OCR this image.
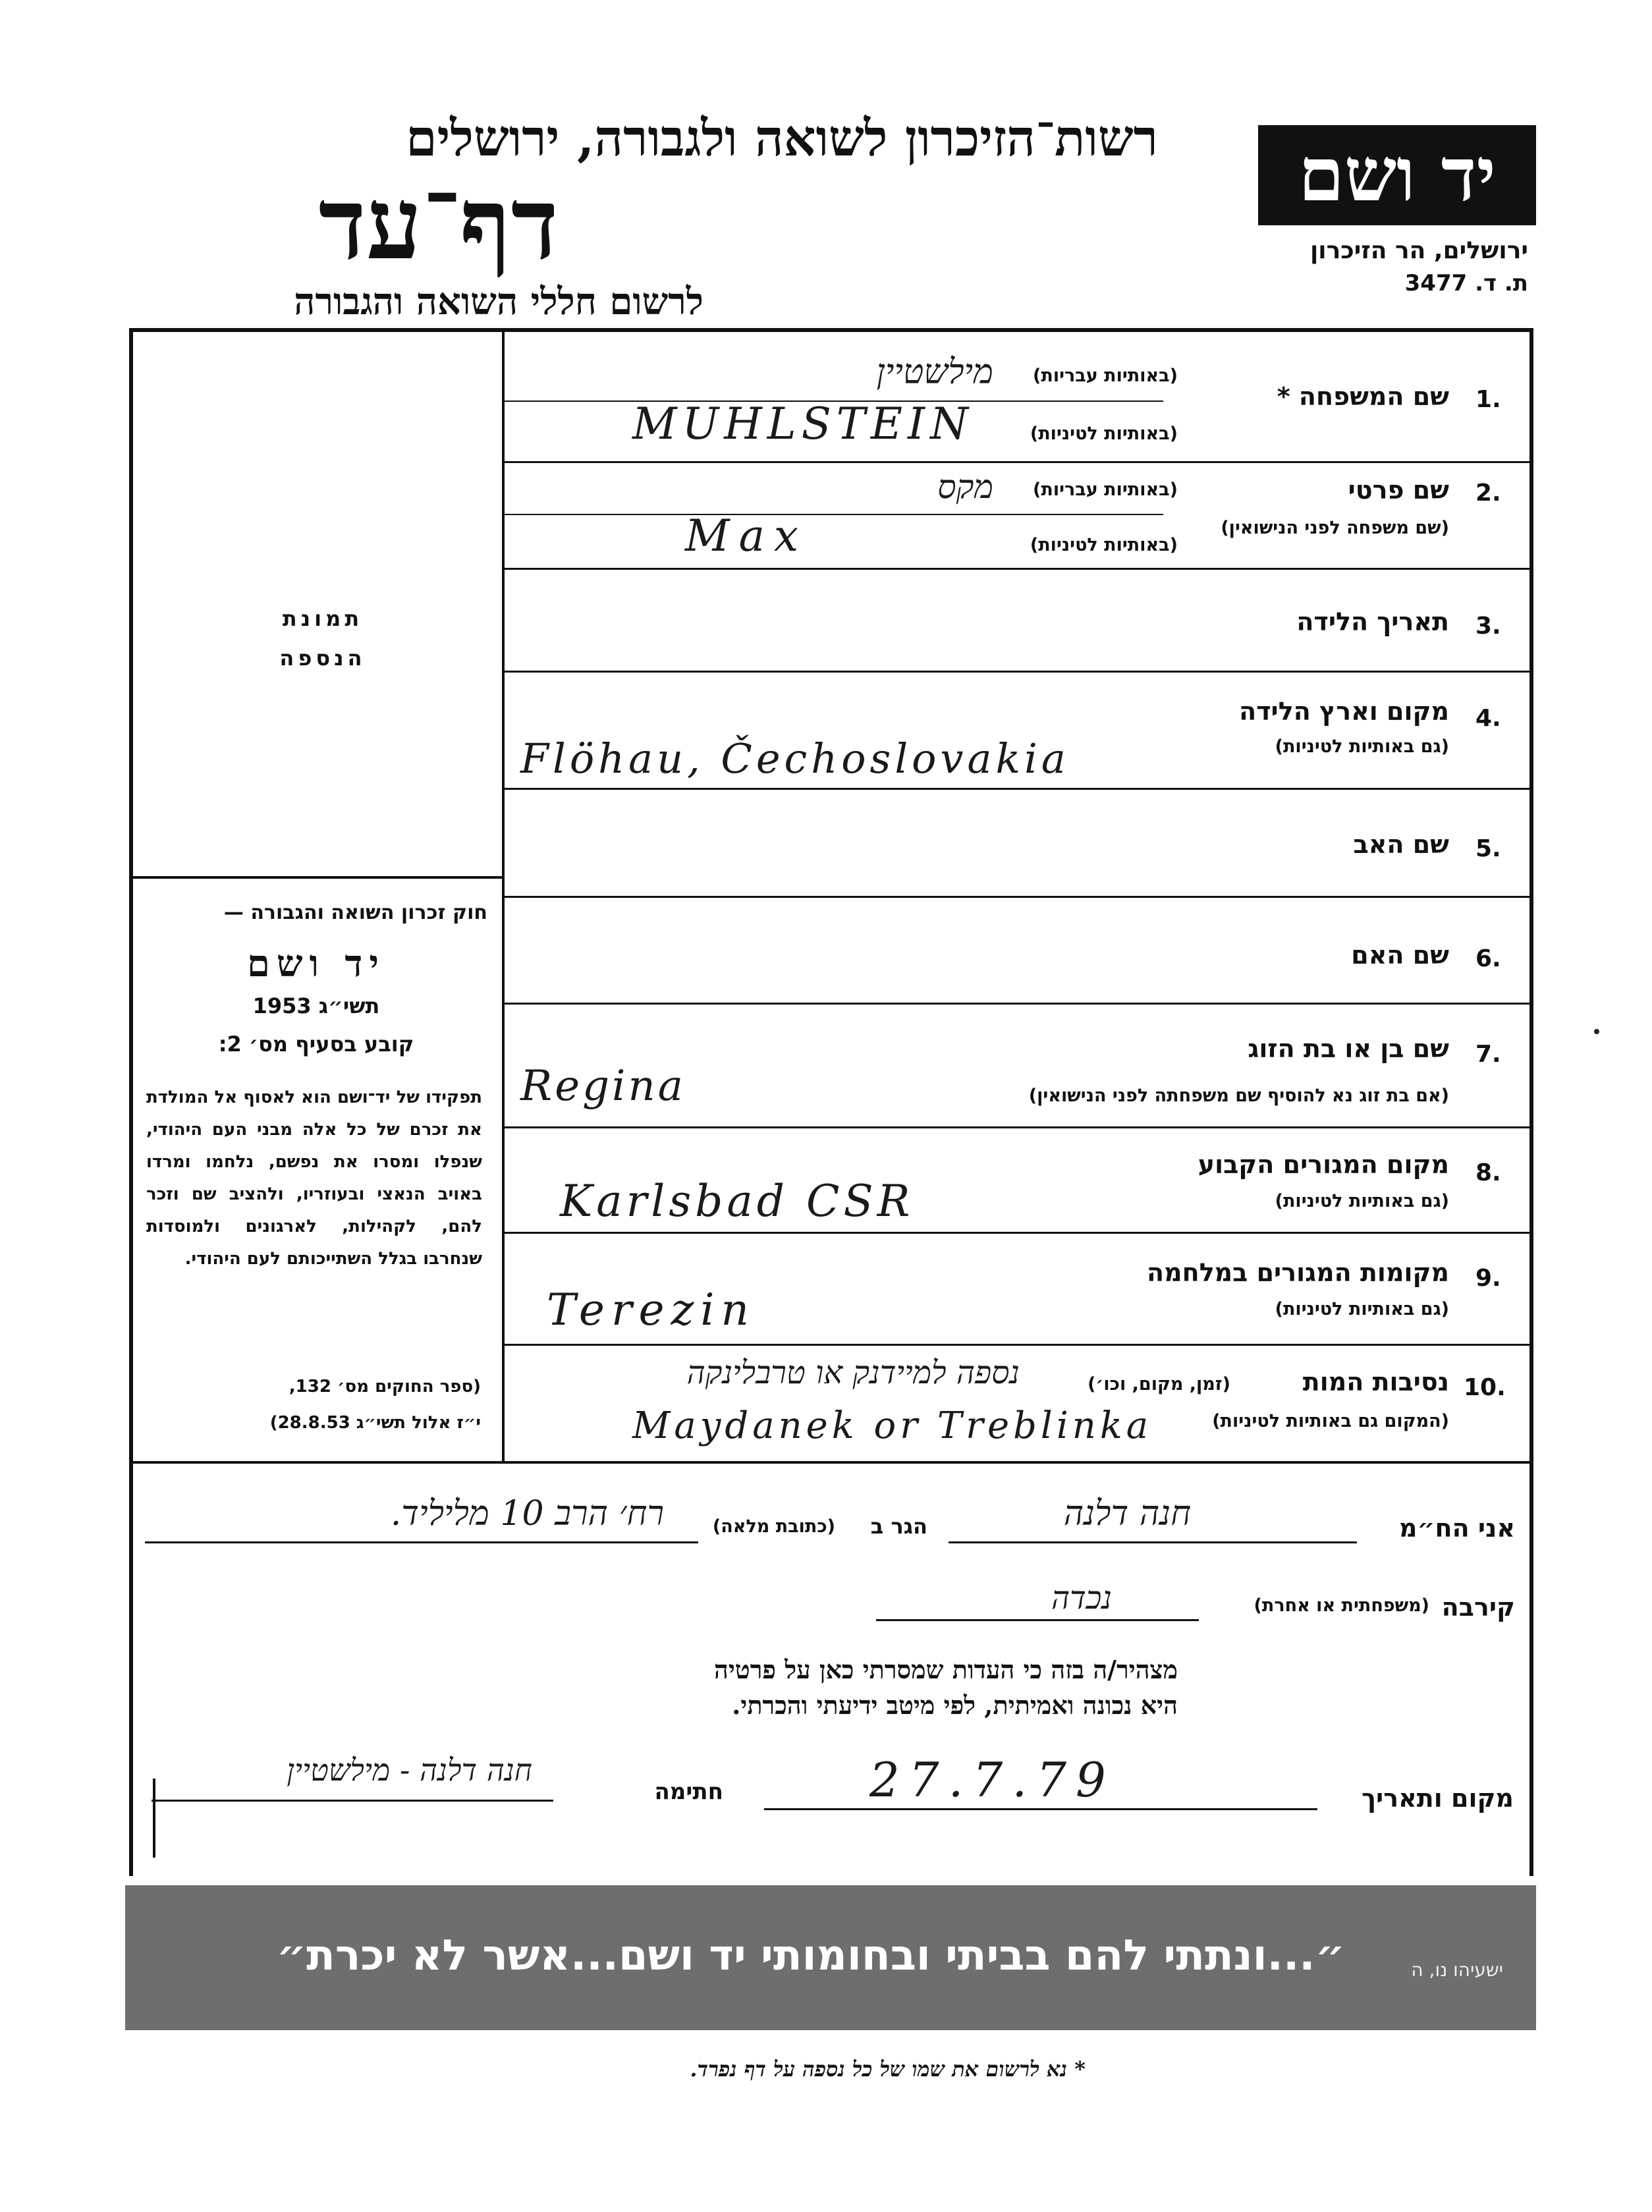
רשות־הזיכרון לשואה ולגבורה, ירושלים
דף־עד
לרשום חללי השואה והגבורה
יד ושם
ירושלים, הר הזיכרון
ת. ד. 3477
תמונת
הנספה
חוק זכרון השואה והגבורה —
יד ושם
תשי״ג 1953
קובע בסעיף מס׳ 2:
תפקידו של יד־ושם הוא לאסוף אל המולדת את זכרם של כל אלה מבני העם היהודי, שנפלו ומסרו את נפשם, נלחמו ומרדו באויב הנאצי ובעוזריו, ולהציב שם וזכר להם, לקהילות, לארגונים ולמוסדות שנחרבו בגלל השתייכותם לעם היהודי.
(ספר החוקים מס׳ 132,
י״ז אלול תשי״ג 28.8.53)
1.
שם המשפחה *
(באותיות עבריות)
(באותיות לטיניות)
מילשטיין
MUHLSTEIN
2.
שם פרטי
(שם משפחה לפני הנישואין)
(באותיות עבריות)
(באותיות לטיניות)
מקס
Max
3.
תאריך הלידה
4.
מקום וארץ הלידה
(גם באותיות לטיניות)
Flöhau, Čechoslovakia
5.
שם האב
6.
שם האם
7.
שם בן או בת הזוג
(אם בת זוג נא להוסיף שם משפחתה לפני הנישואין)
Regina
8.
מקום המגורים הקבוע
(גם באותיות לטיניות)
Karlsbad CSR
9.
מקומות המגורים במלחמה
(גם באותיות לטיניות)
Terezin
10.
נסיבות המות
(זמן, מקום, וכו׳)
(המקום גם באותיות לטיניות)
נספה למיידנק או טרבלינקה
Maydanek or Treblinka
אני הח״מ
חנה דלנה
הגר ב
(כתובת מלאה)
רח׳ הרב 10 מליליד.
קירבה
(משפחתית או אחרת)
נכדה
מצהיר/ה בזה כי העדות שמסרתי כאן על פרטיה
היא נכונה ואמיתית, לפי מיטב ידיעתי והכרתי.
מקום ותאריך
27.7.79
חתימה
חנה דלנה - מילשטיין
ישעיהו נו, ה
״...ונתתי להם בביתי ובחומותי יד ושם...אשר לא יכרת״
* נא לרשום את שמו של כל נספה על דף נפרד.
